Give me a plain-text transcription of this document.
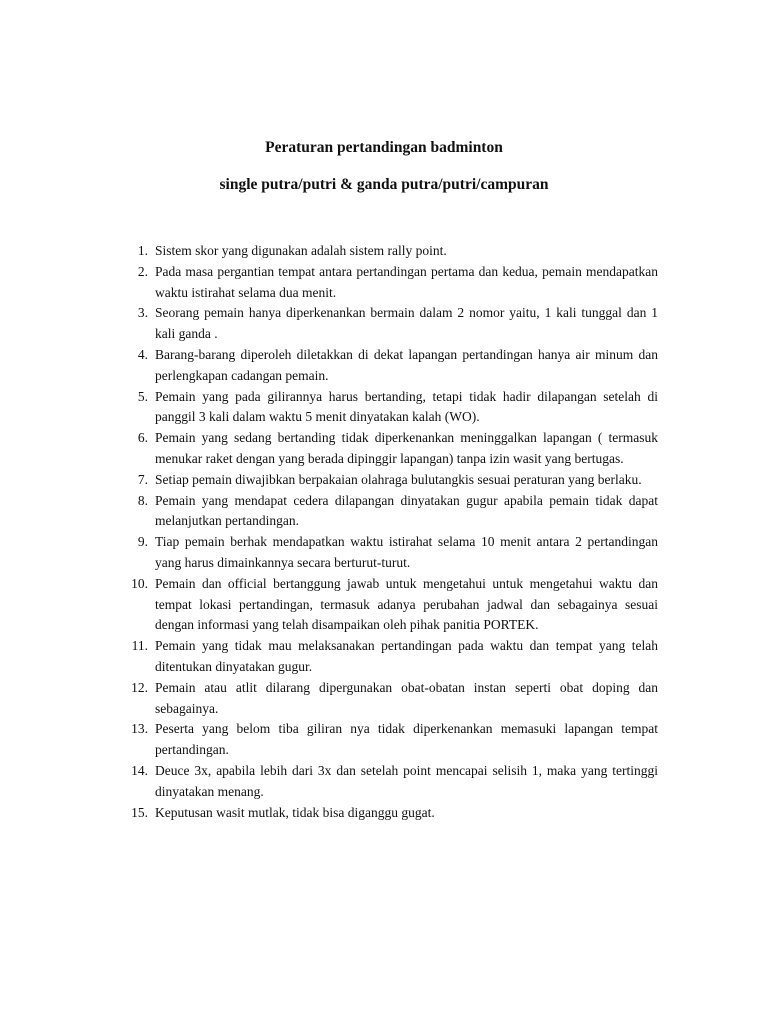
Peraturan pertandingan badminton
single putra/putri & ganda putra/putri/campuran
1. Sistem skor yang digunakan adalah sistem rally point.
2. Pada masa pergantian tempat antara pertandingan pertama dan kedua, pemain mendapatkan waktu istirahat selama dua menit.
3. Seorang pemain hanya diperkenankan bermain dalam 2 nomor yaitu, 1 kali tunggal dan 1 kali ganda .
4. Barang-barang diperoleh diletakkan di dekat lapangan pertandingan hanya air minum dan perlengkapan cadangan pemain.
5. Pemain yang pada gilirannya harus bertanding, tetapi tidak hadir dilapangan setelah di panggil 3 kali dalam waktu 5 menit dinyatakan kalah (WO).
6. Pemain yang sedang bertanding tidak diperkenankan meninggalkan lapangan ( termasuk menukar raket dengan yang berada dipinggir lapangan) tanpa izin wasit yang bertugas.
7. Setiap pemain diwajibkan berpakaian olahraga bulutangkis sesuai peraturan yang berlaku.
8. Pemain yang mendapat cedera dilapangan dinyatakan gugur apabila pemain tidak dapat melanjutkan pertandingan.
9. Tiap pemain berhak mendapatkan waktu istirahat selama 10 menit antara 2 pertandingan yang harus dimainkannya secara berturut-turut.
10. Pemain dan official bertanggung jawab untuk mengetahui untuk mengetahui waktu dan tempat lokasi pertandingan, termasuk adanya perubahan jadwal dan sebagainya sesuai dengan informasi yang telah disampaikan oleh pihak panitia PORTEK.
11. Pemain yang tidak mau melaksanakan pertandingan pada waktu dan tempat yang telah ditentukan dinyatakan gugur.
12. Pemain atau atlit dilarang dipergunakan obat-obatan instan seperti obat doping dan sebagainya.
13. Peserta yang belom tiba giliran nya tidak diperkenankan memasuki lapangan tempat pertandingan.
14. Deuce 3x, apabila lebih dari 3x dan setelah point mencapai selisih 1, maka yang tertinggi dinyatakan menang.
15. Keputusan wasit mutlak, tidak bisa diganggu gugat.
